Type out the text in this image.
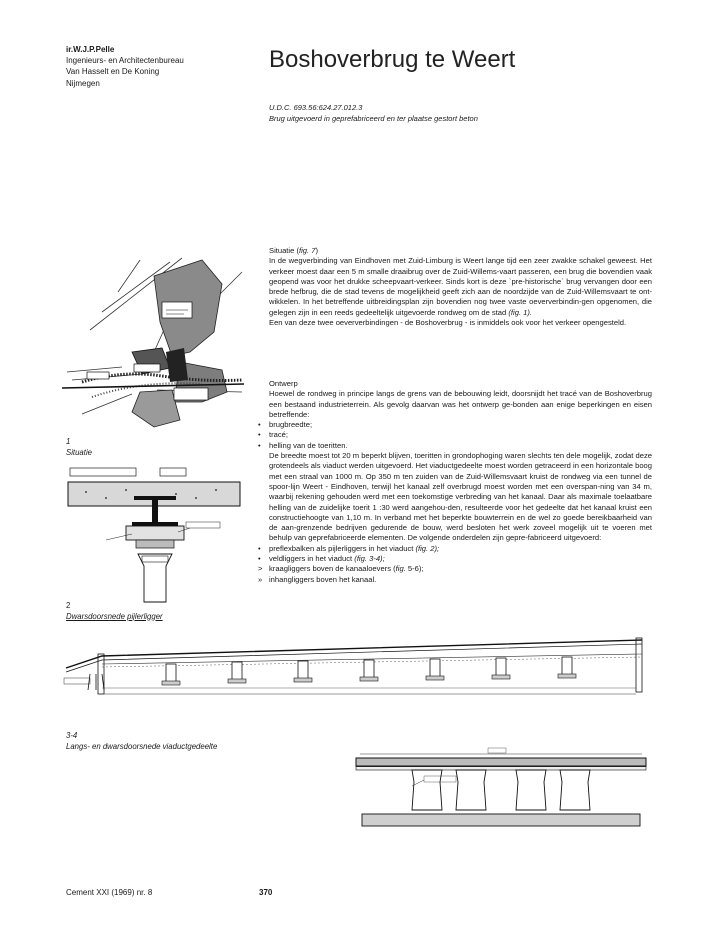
ir.W.J.P.Pelle
Ingenieurs- en Architectenbureau
Van Hasselt en De Koning
Nijmegen
Boshoverbrug te Weert
U.D.C. 693.56:624.27.012.3
Brug uitgevoerd in geprefabriceerd en ter plaatse gestort beton
1
Situatie
2
Dwarsdoorsnede pijlerligger
Situatie (fig. 7)

In de wegverbinding van Eindhoven met Zuid-Limburg is Weert lange tijd een zeer zwakke schakel geweest. Het verkeer moest daar een 5 m smalle draaibrug over de Zuid-Willems-vaart passeren, een brug die bovendien vaak geopend was voor het drukke scheepvaart-verkeer. Sinds kort is deze `pre-historische` brug vervangen door een brede hefbrug, die de stad tevens de mogelijkheid geeft zich aan de noordzijde van de Zuid-Willemsvaart te ont-wikkelen. In het betreffende uitbreidingsplan zijn bovendien nog twee vaste oeververbindin-gen opgenomen, die gelegen zijn in een reeds gedeeltelijk uitgevoerde rondweg om de stad (fig. 1).

Een van deze twee oeververbindingen - de Boshoverbrug - is inmiddels ook voor het verkeer opengesteld.

Ontwerp

Hoewel de rondweg in principe langs de grens van de bebouwing leidt, doorsnijdt het tracé van de Boshoverbrug een bestaand industrieterrein. Als gevolg daarvan was het ontwerp ge-bonden aan enige beperkingen en eisen betreffende:

•	brugbreedte;
•	tracé;
•	helling van de toeritten.

De breedte moest tot 20 m beperkt blijven, toeritten in grondophoging waren slechts ten dele mogelijk, zodat deze grotendeels als viaduct werden uitgevoerd. Het viaductgedeelte moest worden getraceerd in een horizontale boog met een straal van 1000 m. Op 350 m ten zuiden van de Zuid-Willemsvaart kruist de rondweg via een tunnel de spoor-lijn Weert - Eindhoven, terwijl het kanaal zelf overbrugd moest worden met een overspan-ning van 34 m, waarbij rekening gehouden werd met een toekomstige verbreding van het kanaal. Daar als maximale toelaatbare helling van de zuidelijke toerit 1 :30 werd aangehou-den, resulteerde voor het gedeelte dat het kanaal kruist een constructiehoogte van 1,10 m. In verband met het beperkte bouwterrein en de wel zo goede bereikbaarheid van de aan-grenzende bedrijven gedurende de bouw, werd besloten het werk zoveel mogelijk uit te voeren met behulp van geprefabriceerde elementen. De volgende onderdelen zijn gepre-fabriceerd uitgevoerd:

•	preflexbalken als pijlerliggers in het viaduct (fig. 2);
•	veldliggers in het viaduct (fig. 3-4);
> kraagliggers boven de kanaaloevers (fig. 5-6);
» inhangliggers boven het kanaal.
3-4
Langs- en dwarsdoorsnede viaductgedeelte
Cement XXI (1969) nr. 8	370
